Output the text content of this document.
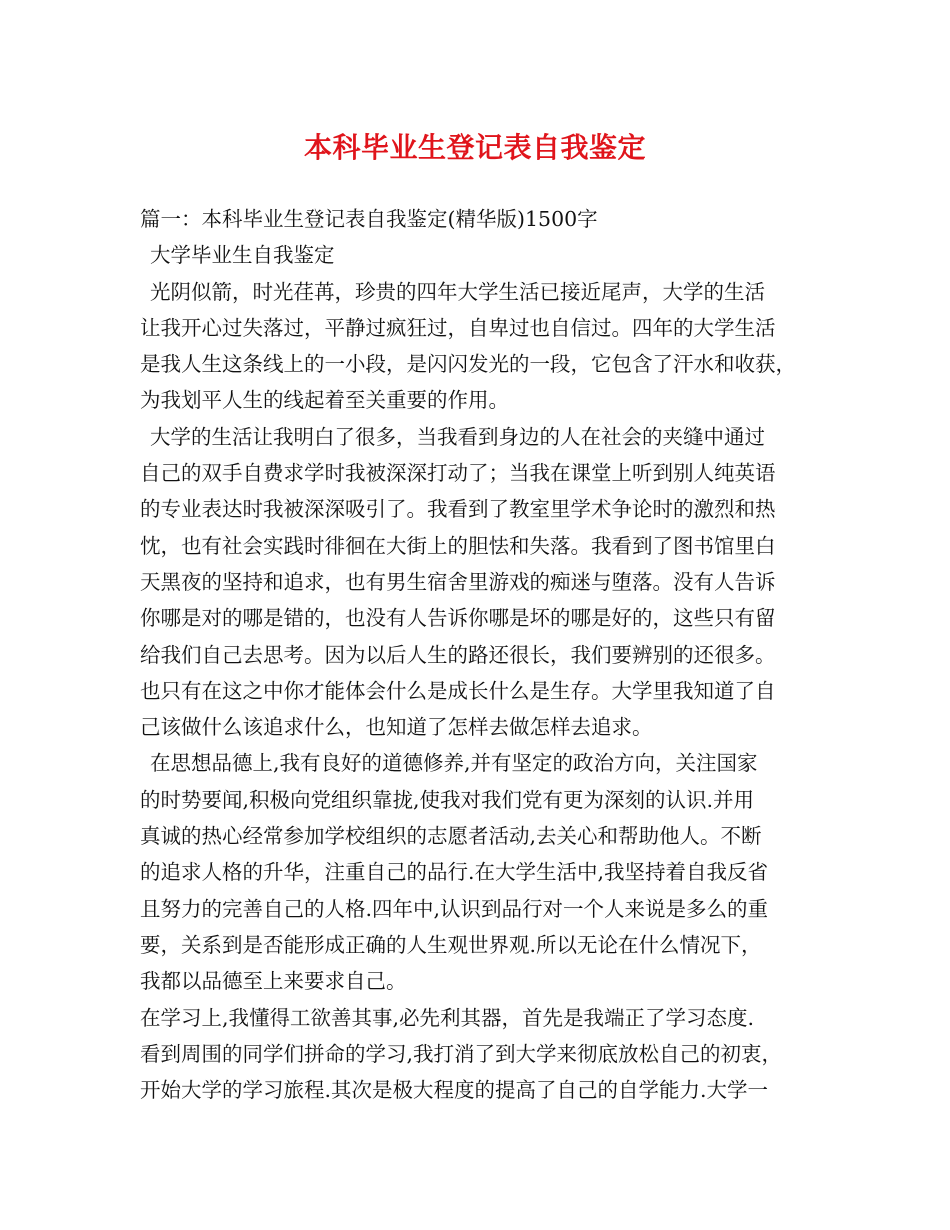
本科毕业生登记表自我鉴定
篇一：本科毕业生登记表自我鉴定(精华版)1500字
大学毕业生自我鉴定
光阴似箭，时光荏苒，珍贵的四年大学生活已接近尾声，大学的生活
让我开心过失落过，平静过疯狂过，自卑过也自信过。四年的大学生活
是我人生这条线上的一小段，是闪闪发光的一段，它包含了汗水和收获，
为我划平人生的线起着至关重要的作用。
大学的生活让我明白了很多，当我看到身边的人在社会的夹缝中通过
自己的双手自费求学时我被深深打动了；当我在课堂上听到别人纯英语
的专业表达时我被深深吸引了。我看到了教室里学术争论时的激烈和热
忱，也有社会实践时徘徊在大街上的胆怯和失落。我看到了图书馆里白
天黑夜的坚持和追求，也有男生宿舍里游戏的痴迷与堕落。没有人告诉
你哪是对的哪是错的，也没有人告诉你哪是坏的哪是好的，这些只有留
给我们自己去思考。因为以后人生的路还很长，我们要辨别的还很多。
也只有在这之中你才能体会什么是成长什么是生存。大学里我知道了自
己该做什么该追求什么，也知道了怎样去做怎样去追求。
在思想品德上,我有良好的道德修养,并有坚定的政治方向，关注国家
的时势要闻,积极向党组织靠拢,使我对我们党有更为深刻的认识.并用
真诚的热心经常参加学校组织的志愿者活动,去关心和帮助他人。不断
的追求人格的升华，注重自己的品行.在大学生活中,我坚持着自我反省
且努力的完善自己的人格.四年中,认识到品行对一个人来说是多么的重
要，关系到是否能形成正确的人生观世界观.所以无论在什么情况下，
我都以品德至上来要求自己。
在学习上,我懂得工欲善其事,必先利其器，首先是我端正了学习态度.
看到周围的同学们拼命的学习,我打消了到大学来彻底放松自己的初衷，
开始大学的学习旅程.其次是极大程度的提高了自己的自学能力.大学一
